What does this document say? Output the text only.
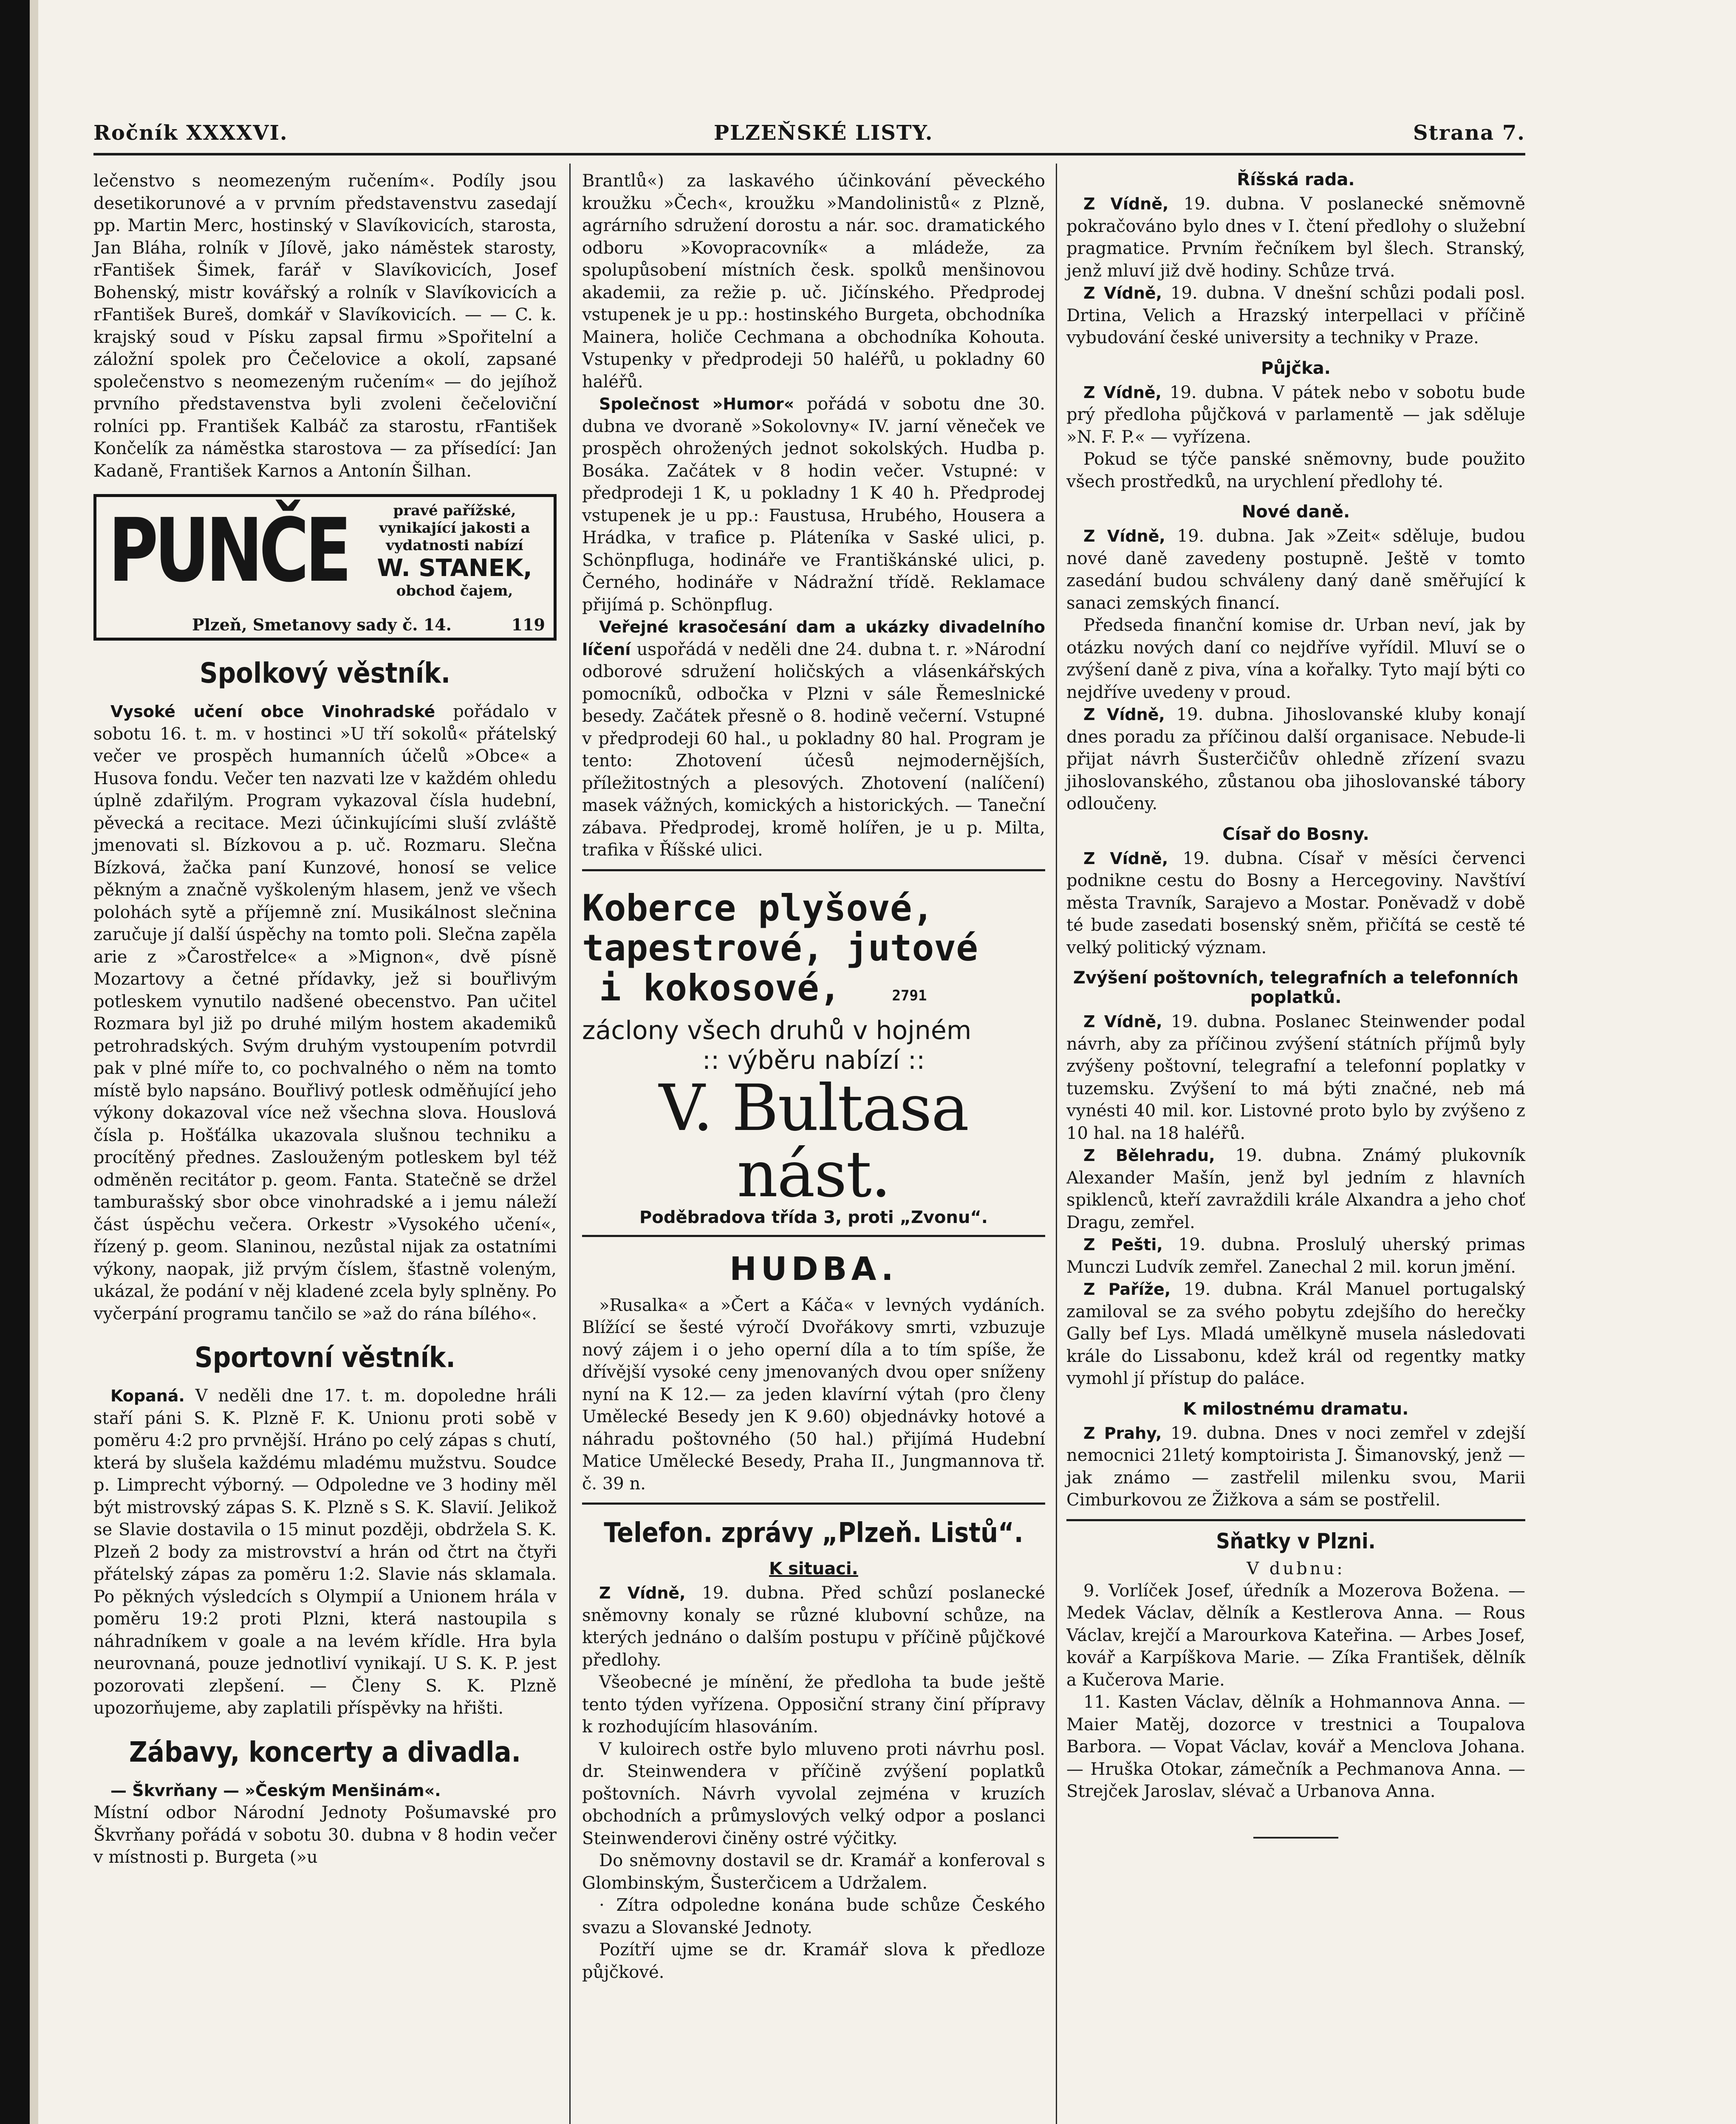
Ročník XXXXVI.	PLZEŇSKÉ LISTY.	Strana 7.

lečenstvo s neomezeným ručením«. Podíly jsou desetikorunové a v prvním představenstvu zasedají pp. Martin Merc, hostinský v Slavíkovicích, starosta, Jan Bláha, rolník v Jílově, jako náměstek starosty, rFantišek Šimek, farář v Slavíkovicích, Josef Bohenský, mistr kovářský a rolník v Slavíkovicích a rFantišek Bureš, domkář v Slavíkovicích. — — C. k. krajský soud v Písku zapsal firmu »Spořitelní a záložní spolek pro Čečelovice a okolí, zapsané společenstvo s neomezeným ručením« — do jejíhož prvního představenstva byli zvoleni čečeloviční rolníci pp. František Kalbáč za starostu, rFantišek Končelík za náměstka starostova — za přísedící: Jan Kadaně, František Karnos a Antonín Šilhan.

PUNČE	pravé pařížské, vynikající jakosti a vydatnosti nabízí
W. STANEK,
obchod čajem,
Plzeň, Smetanovy sady č. 14.	119
Spolkový věstník.

Vysoké učení obce Vinohradské pořádalo v sobotu 16. t. m. v hostinci »U tří sokolů« přátelský večer ve prospěch humanních účelů »Obce« a Husova fondu. Večer ten nazvati lze v každém ohledu úplně zdařilým. Program vykazoval čísla hudební, pěvecká a recitace. Mezi účinkujícími sluší zvláště jmenovati sl. Bízkovou a p. uč. Rozmaru. Slečna Bízková, žačka paní Kunzové, honosí se velice pěkným a značně vyškoleným hlasem, jenž ve všech polohách sytě a příjemně zní. Musikálnost slečnina zaručuje jí další úspěchy na tomto poli. Slečna zapěla arie z »Čarostřelce« a »Mignon«, dvě písně Mozartovy a četné přídavky, jež si bouřlivým potleskem vynutilo nadšené obecenstvo. Pan učitel Rozmara byl již po druhé milým hostem akademiků petrohradských. Svým druhým vystoupením potvrdil pak v plné míře to, co pochvalného o něm na tomto místě bylo napsáno. Bouřlivý potlesk odměňující jeho výkony dokazoval více než všechna slova. Houslová čísla p. Hošťálka ukazovala slušnou techniku a procítěný přednes. Zaslouženým potleskem byl též odměněn recitátor p. geom. Fanta. Statečně se držel tamburašský sbor obce vinohradské a i jemu náleží část úspěchu večera. Orkestr »Vysokého učení«, řízený p. geom. Slaninou, nezůstal nijak za ostatními výkony, naopak, již prvým číslem, šťastně voleným, ukázal, že podání v něj kladené zcela byly splněny. Po vyčerpání programu tančilo se »až do rána bílého«.

Sportovní věstník.

Kopaná. V neděli dne 17. t. m. dopoledne hráli staří páni S. K. Plzně F. K. Unionu proti sobě v poměru 4:2 pro prvnější. Hráno po celý zápas s chutí, která by slušela každému mladému mužstvu. Soudce p. Limprecht výborný. — Odpoledne ve 3 hodiny měl být mistrovský zápas S. K. Plzně s S. K. Slavií. Jelikož se Slavie dostavila o 15 minut později, obdržela S. K. Plzeň 2 body za mistrovství a hrán od čtrt na čtyři přátelský zápas za poměru 1:2. Slavie nás sklamala. Po pěkných výsledcích s Olympií a Unionem hrála v poměru 19:2 proti Plzni, která nastoupila s náhradníkem v goale a na levém křídle. Hra byla neurovnaná, pouze jednotliví vynikají. U S. K. P. jest pozorovati zlepšení. — Členy S. K. Plzně upozorňujeme, aby zaplatili příspěvky na hřišti.

Zábavy, koncerty a divadla.

— Škvrňany — »Českým Menšinám«.

Místní odbor Národní Jednoty Pošumavské pro Škvrňany pořádá v sobotu 30. dubna v 8 hodin večer v místnosti p. Burgeta (»u

Brantlů«) za laskavého účinkování pěveckého kroužku »Čech«, kroužku »Mandolinistů« z Plzně, agrárního sdružení dorostu a nár. soc. dramatického odboru »Kovopracovník« a mládeže, za spolupůsobení místních česk. spolků menšinovou akademii, za režie p. uč. Jičínského. Předprodej vstupenek je u pp.: hostinského Burgeta, obchodníka Mainera, holiče Cechmana a obchodníka Kohouta. Vstupenky v předprodeji 50 haléřů, u pokladny 60 haléřů.

Společnost »Humor« pořádá v sobotu dne 30. dubna ve dvoraně »Sokolovny« IV. jarní věneček ve prospěch ohrožených jednot sokolských. Hudba p. Bosáka. Začátek v 8 hodin večer. Vstupné: v předprodeji 1 K, u pokladny 1 K 40 h. Předprodej vstupenek je u pp.: Faustusa, Hrubého, Housera a Hrádka, v trafice p. Pláteníka v Saské ulici, p. Schönpfluga, hodináře ve Františkánské ulici, p. Černého, hodináře v Nádražní třídě. Reklamace přijímá p. Schönpflug.

Veřejné krasočesání dam a ukázky divadelního líčení uspořádá v neděli dne 24. dubna t. r. »Národní odborové sdružení holičských a vlásenkářských pomocníků, odbočka v Plzni v sále Řemeslnické besedy. Začátek přesně o 8. hodině večerní. Vstupné v předprodeji 60 hal., u pokladny 80 hal. Program je tento: Zhotovení účesů nejmodernějších, příležitostných a plesových. Zhotovení (nalíčení) masek vážných, komických a historických. — Taneční zábava. Předprodej, kromě holířen, je u p. Milta, trafika v Říšské ulici.

Koberce plyšové,
tapestrové, jutové
i kokosové,	2791
záclony všech druhů v hojném
:: výběru nabízí ::
V. Bultasa nást.
Poděbradova třída 3, proti „Zvonu“.
HUDBA.

»Rusalka« a »Čert a Káča« v levných vydáních. Blížící se šesté výročí Dvořákovy smrti, vzbuzuje nový zájem i o jeho operní díla a to tím spíše, že dřívější vysoké ceny jmenovaných dvou oper sníženy nyní na K 12.— za jeden klavírní výtah (pro členy Umělecké Besedy jen K 9.60) objednávky hotové a náhradu poštovného (50 hal.) přijímá Hudební Matice Umělecké Besedy, Praha II., Jungmannova tř. č. 39 n.

Telefon. zprávy „Plzeň. Listů“.
K situaci.

Z Vídně, 19. dubna. Před schůzí poslanecké sněmovny konaly se různé klubovní schůze, na kterých jednáno o dalším postupu v příčině půjčkové předlohy.

Všeobecné je mínění, že předloha ta bude ještě tento týden vyřízena. Opposiční strany činí přípravy k rozhodujícím hlasováním.

V kuloirech ostře bylo mluveno proti návrhu posl. dr. Steinwendera v příčině zvýšení poplatků poštovních. Návrh vyvolal zejména v kruzích obchodních a průmyslových velký odpor a poslanci Steinwenderovi činěny ostré výčitky.

Do sněmovny dostavil se dr. Kramář a konferoval s Glombinským, Šusterčicem a Udržalem.

· Zítra odpoledne konána bude schůze Českého svazu a Slovanské Jednoty.

Pozítří ujme se dr. Kramář slova k předloze půjčkové.

Říšská rada.

Z Vídně, 19. dubna. V poslanecké sněmovně pokračováno bylo dnes v I. čtení předlohy o služební pragmatice. Prvním řečníkem byl šlech. Stranský, jenž mluví již dvě hodiny. Schůze trvá.

Z Vídně, 19. dubna. V dnešní schůzi podali posl. Drtina, Velich a Hrazský interpellaci v příčině vybudování české university a techniky v Praze.

Půjčka.

Z Vídně, 19. dubna. V pátek nebo v sobotu bude prý předloha půjčková v parlamentě — jak sděluje »N. F. P.« — vyřízena.

Pokud se týče panské sněmovny, bude použito všech prostředků, na urychlení předlohy té.

Nové daně.

Z Vídně, 19. dubna. Jak »Zeit« sděluje, budou nové daně zavedeny postupně. Ještě v tomto zasedání budou schváleny daný daně směřující k sanaci zemských financí.

Předseda finanční komise dr. Urban neví, jak by otázku nových daní co nejdříve vyřídil. Mluví se o zvýšení daně z piva, vína a kořalky. Tyto mají býti co nejdříve uvedeny v proud.

Z Vídně, 19. dubna. Jihoslovanské kluby konají dnes poradu za příčinou další organisace. Nebude-li přijat návrh Šusterčičův ohledně zřízení svazu jihoslovanského, zůstanou oba jihoslovanské tábory odloučeny.

Císař do Bosny.

Z Vídně, 19. dubna. Císař v měsíci červenci podnikne cestu do Bosny a Hercegoviny. Navštíví města Travník, Sarajevo a Mostar. Poněvadž v době té bude zasedati bosenský sněm, přičítá se cestě té velký politický význam.

Zvýšení poštovních, telegrafních a telefonních poplatků.

Z Vídně, 19. dubna. Poslanec Steinwender podal návrh, aby za příčinou zvýšení státních příjmů byly zvýšeny poštovní, telegrafní a telefonní poplatky v tuzemsku. Zvýšení to má býti značné, neb má vynésti 40 mil. kor. Listovné proto bylo by zvýšeno z 10 hal. na 18 haléřů.

Z Bělehradu, 19. dubna. Známý plukovník Alexander Mašín, jenž byl jedním z hlavních spiklenců, kteří zavraždili krále Alxandra a jeho choť Dragu, zemřel.

Z Pešti, 19. dubna. Proslulý uherský primas Munczi Ludvík zemřel. Zanechal 2 mil. korun jmění.

Z Paříže, 19. dubna. Král Manuel portugalský zamiloval se za svého pobytu zdejšího do herečky Gally bef Lys. Mladá umělkyně musela následovati krále do Lissabonu, kdež král od regentky matky vymohl jí přístup do paláce.

K milostnému dramatu.

Z Prahy, 19. dubna. Dnes v noci zemřel v zdejší nemocnici 21letý komptoirista J. Šimanovský, jenž — jak známo — zastřelil milenku svou, Marii Cimburkovou ze Žižkova a sám se postřelil.

Sňatky v Plzni.

V dubnu:

9. Vorlíček Josef, úředník a Mozerova Božena. — Medek Václav, dělník a Kestlerova Anna. — Rous Václav, krejčí a Marourkova Kateřina. — Arbes Josef, kovář a Karpíškova Marie. — Zíka František, dělník a Kučerova Marie.

11. Kasten Václav, dělník a Hohmannova Anna. — Maier Matěj, dozorce v trestnici a Toupalova Barbora. — Vopat Václav, kovář a Menclova Johana. — Hruška Otokar, zámečník a Pechmanova Anna. — Strejček Jaroslav, slévač a Urbanova Anna.
